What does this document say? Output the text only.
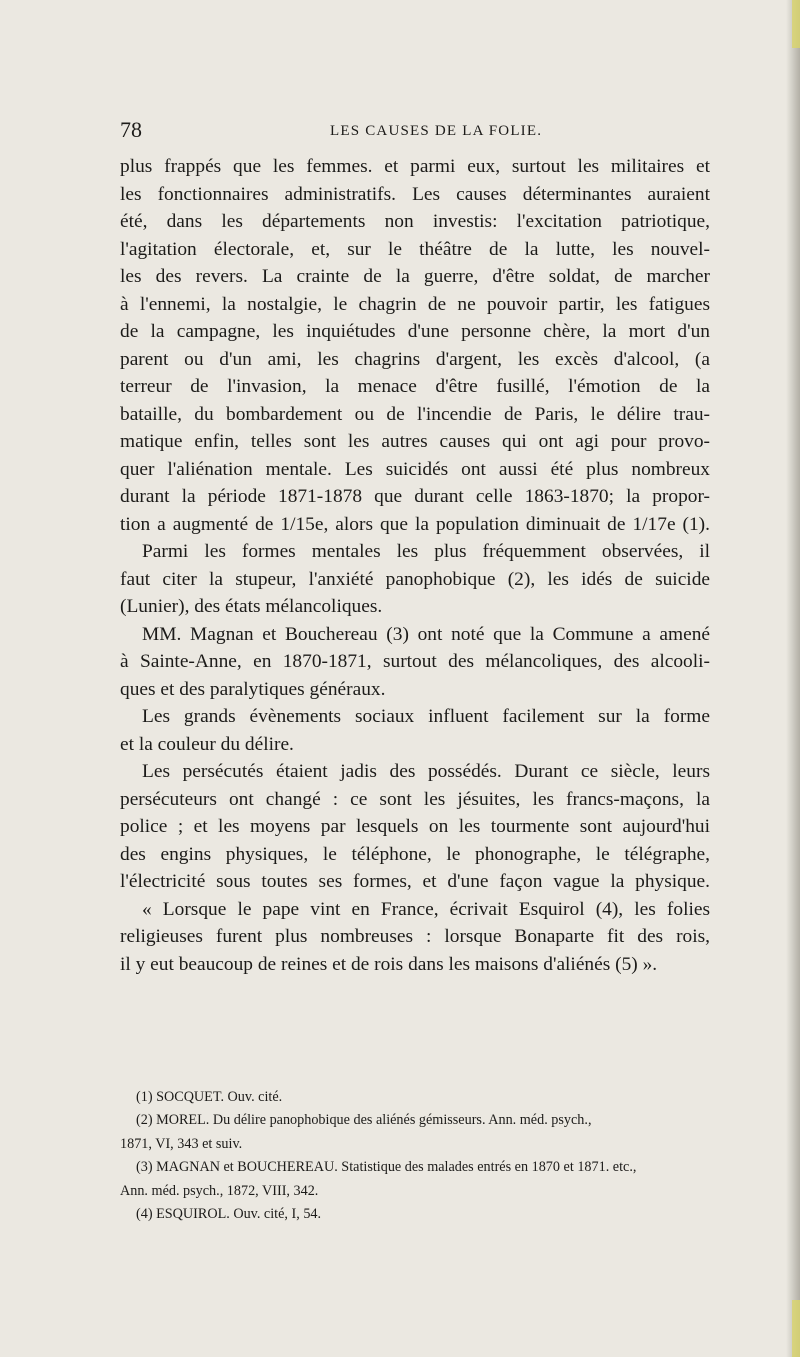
78	LES CAUSES DE LA FOLIE.
plus frappés que les femmes. et parmi eux, surtout les militaires et
les fonctionnaires administratifs. Les causes déterminantes auraient
été, dans les départements non investis: l'excitation patriotique,
l'agitation électorale, et, sur le théâtre de la lutte, les nouvel-
les des revers. La crainte de la guerre, d'être soldat, de marcher
à l'ennemi, la nostalgie, le chagrin de ne pouvoir partir, les fatigues
de la campagne, les inquiétudes d'une personne chère, la mort d'un
parent ou d'un ami, les chagrins d'argent, les excès d'alcool, (a
terreur de l'invasion, la menace d'être fusillé, l'émotion de la
bataille, du bombardement ou de l'incendie de Paris, le délire trau-
matique enfin, telles sont les autres causes qui ont agi pour provo-
quer l'aliénation mentale. Les suicidés ont aussi été plus nombreux
durant la période 1871-1878 que durant celle 1863-1870; la propor-
tion a augmenté de 1/15e, alors que la population diminuait de 1/17e (1).
Parmi les formes mentales les plus fréquemment observées, il
faut citer la stupeur, l'anxiété panophobique (2), les idés de suicide
(Lunier), des états mélancoliques.
MM. Magnan et Bouchereau (3) ont noté que la Commune a amené
à Sainte-Anne, en 1870-1871, surtout des mélancoliques, des alcooli-
ques et des paralytiques généraux.
Les grands évènements sociaux influent facilement sur la forme
et la couleur du délire.
Les persécutés étaient jadis des possédés. Durant ce siècle, leurs
persécuteurs ont changé : ce sont les jésuites, les francs-maçons, la
police ; et les moyens par lesquels on les tourmente sont aujourd'hui
des engins physiques, le téléphone, le phonographe, le télégraphe,
l'électricité sous toutes ses formes, et d'une façon vague la physique.
« Lorsque le pape vint en France, écrivait Esquirol (4), les folies
religieuses furent plus nombreuses : lorsque Bonaparte fit des rois,
il y eut beaucoup de reines et de rois dans les maisons d'aliénés (5) ».
(1) SOCQUET. Ouv. cité.
(2) MOREL. Du délire panophobique des aliénés gémisseurs. Ann. méd. psych.,
1871, VI, 343 et suiv.
(3) MAGNAN et BOUCHEREAU. Statistique des malades entrés en 1870 et 1871. etc.,
Ann. méd. psych., 1872, VIII, 342.
(4) ESQUIROL. Ouv. cité, I, 54.
